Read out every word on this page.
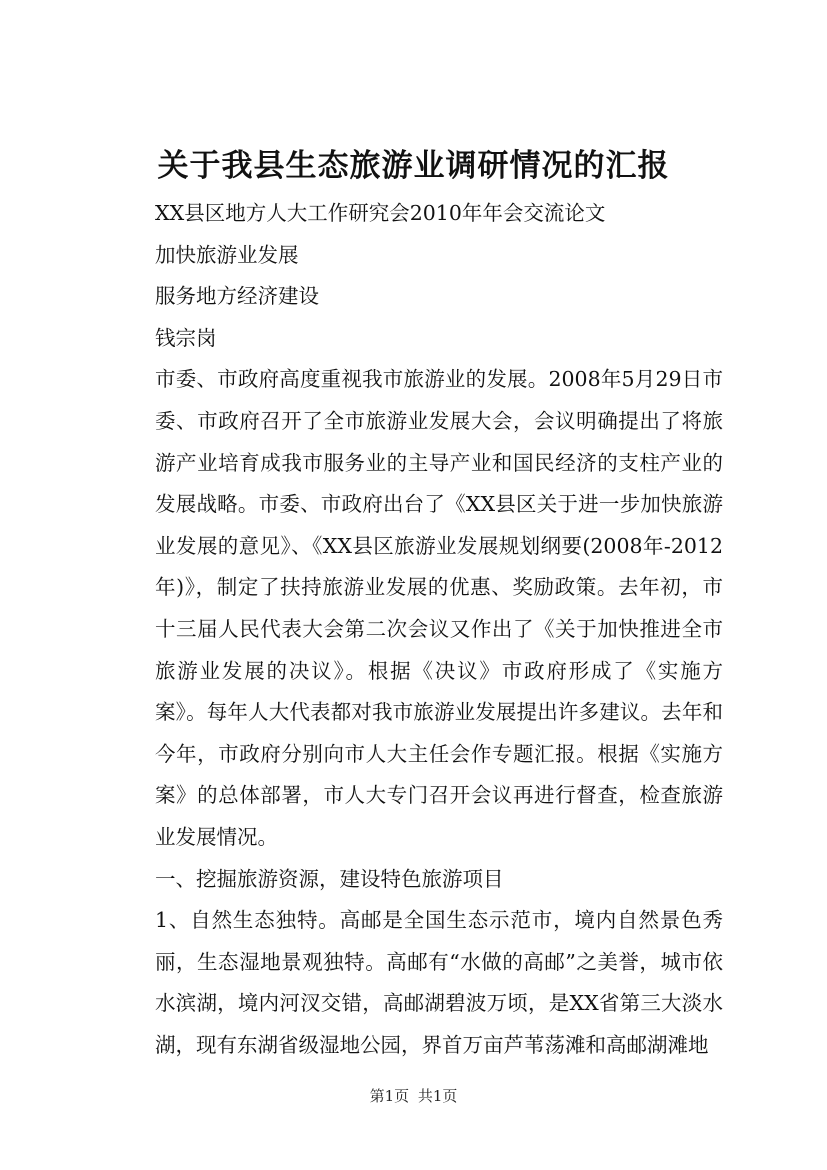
关于我县生态旅游业调研情况的汇报

XX县区地方人大工作研究会2010年年会交流论文

加快旅游业发展

服务地方经济建设

钱宗岗

市委、市政府高度重视我市旅游业的发展。2008年5月29日市委、市政府召开了全市旅游业发展大会，会议明确提出了将旅游产业培育成我市服务业的主导产业和国民经济的支柱产业的发展战略。市委、市政府出台了《XX县区关于进一步加快旅游业发展的意见》、《XX县区旅游业发展规划纲要(2008年-2012年)》，制定了扶持旅游业发展的优惠、奖励政策。去年初，市十三届人民代表大会第二次会议又作出了《关于加快推进全市旅游业发展的决议》。根据《决议》市政府形成了《实施方案》。每年人大代表都对我市旅游业发展提出许多建议。去年和今年，市政府分别向市人大主任会作专题汇报。根据《实施方案》的总体部署，市人大专门召开会议再进行督查，检查旅游业发展情况。

一、挖掘旅游资源，建设特色旅游项目

1、自然生态独特。高邮是全国生态示范市，境内自然景色秀丽，生态湿地景观独特。高邮有“水做的高邮”之美誉，城市依水滨湖，境内河汊交错，高邮湖碧波万顷，是XX省第三大淡水湖，现有东湖省级湿地公园，界首万亩芦苇荡滩和高邮湖滩地

第1页 共1页
